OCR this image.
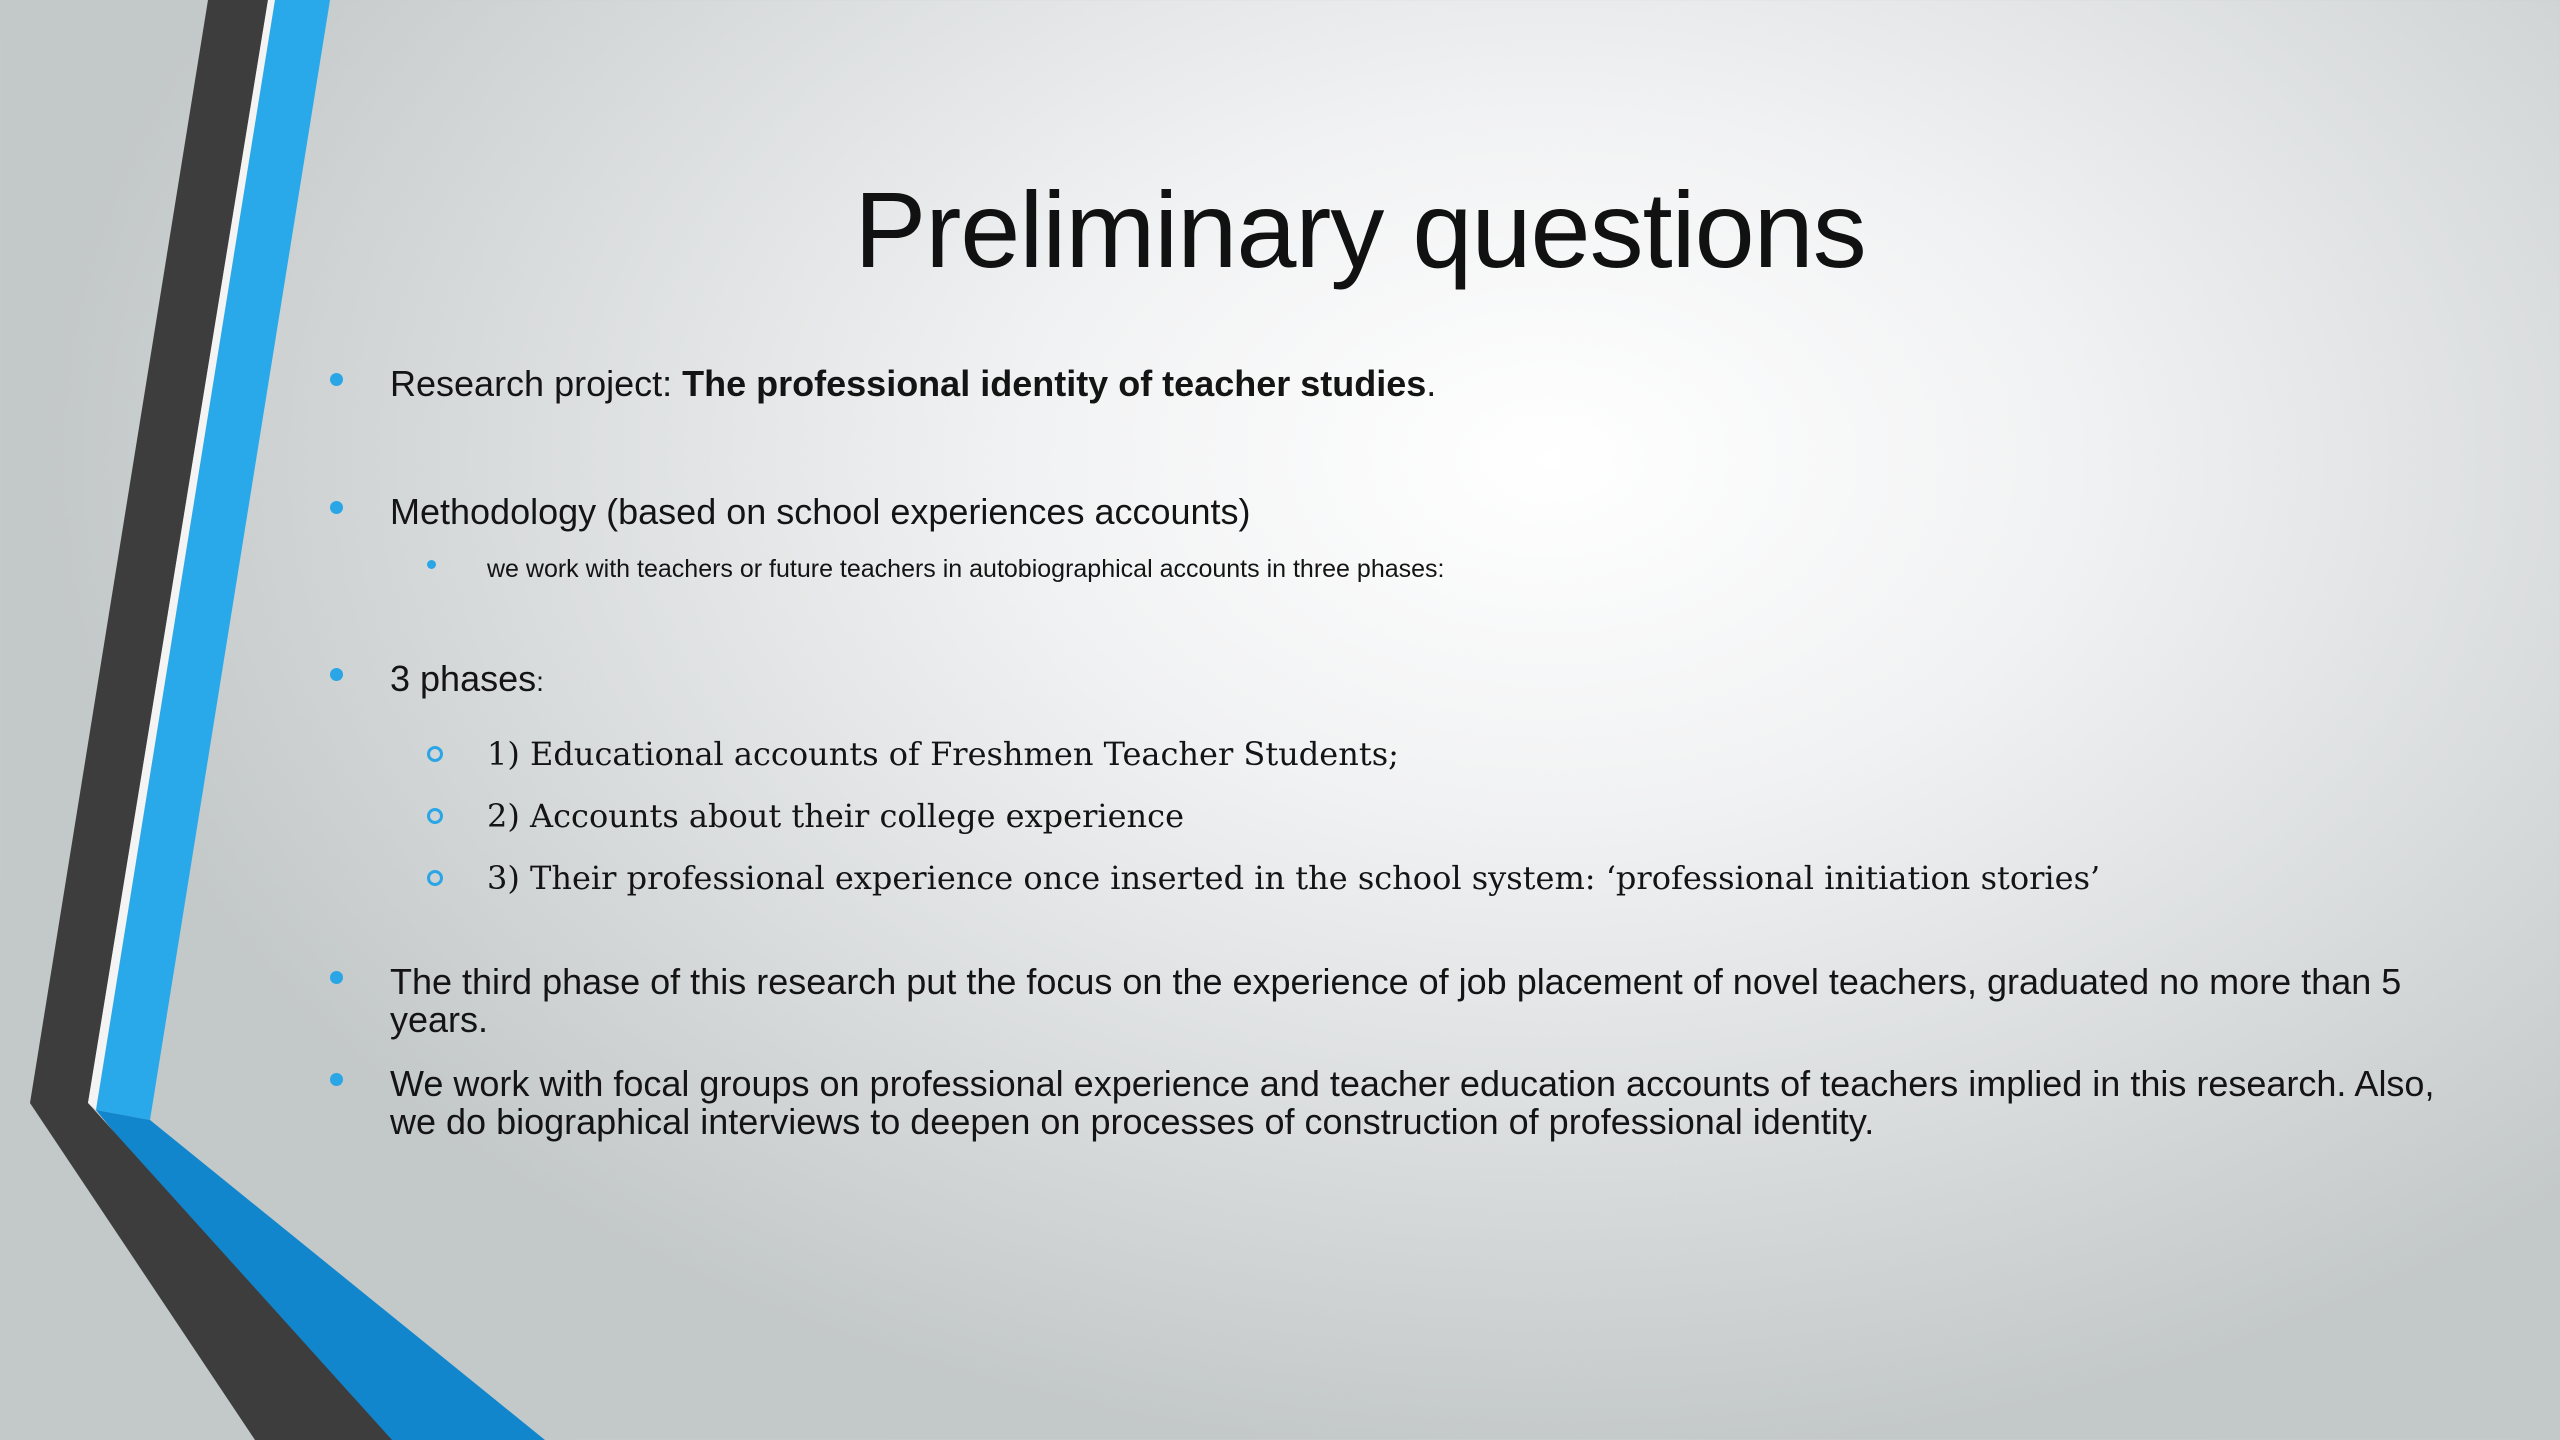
Preliminary questions
Research project: The professional identity of teacher studies.
Methodology (based on school experiences accounts)
we work with teachers or future teachers in autobiographical accounts in three phases:
3 phases:
1) Educational accounts of Freshmen Teacher Students;
2) Accounts about their college experience
3) Their professional experience once inserted in the school system: ‘professional initiation stories’
The third phase of this research put the focus on the experience of job placement of novel teachers, graduated no more than 5 years.
We work with focal groups on professional experience and teacher education accounts of teachers implied in this research. Also, we do biographical interviews to deepen on processes of construction of professional identity.
